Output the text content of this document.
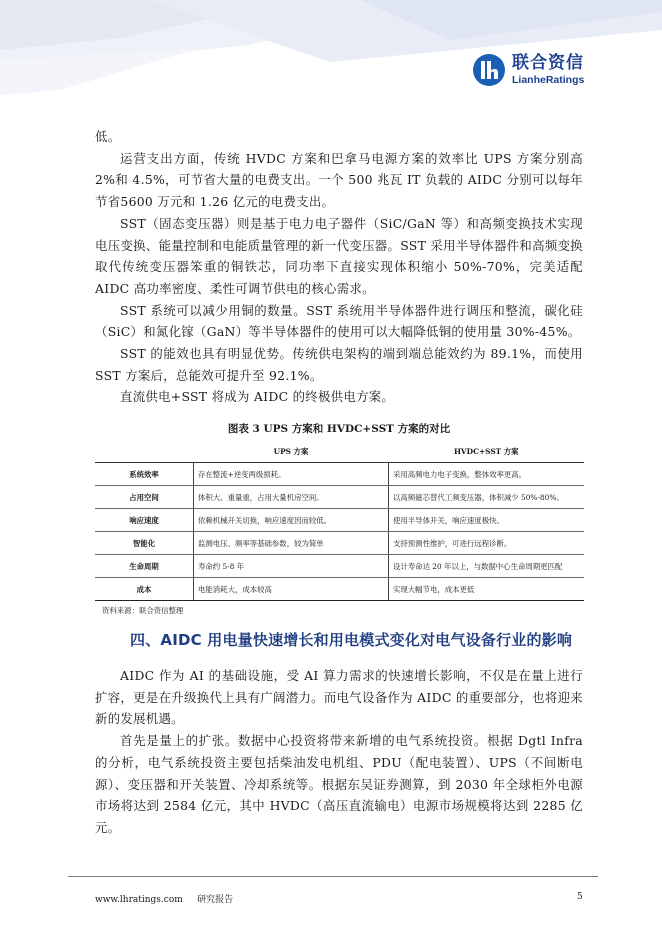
联合资信
LianheRatings

低。

运营支出方面，传统 HVDC 方案和巴拿马电源方案的效率比 UPS 方案分别高 2%和 4.5%，可节省大量的电费支出。一个 500 兆瓦 IT 负载的 AIDC 分别可以每年节省5600 万元和 1.26 亿元的电费支出。

SST（固态变压器）则是基于电力电子器件（SiC/GaN 等）和高频变换技术实现电压变换、能量控制和电能质量管理的新一代变压器。SST 采用半导体器件和高频变换取代传统变压器笨重的铜铁芯，同功率下直接实现体积缩小 50%-70%，完美适配 AIDC 高功率密度、柔性可调节供电的核心需求。

SST 系统可以减少用铜的数量。SST 系统用半导体器件进行调压和整流，碳化硅（SiC）和氮化镓（GaN）等半导体器件的使用可以大幅降低铜的使用量 30%-45%。

SST 的能效也具有明显优势。传统供电架构的端到端总能效约为 89.1%，而使用 SST 方案后，总能效可提升至 92.1%。

直流供电+SST 将成为 AIDC 的终极供电方案。

图表 3 UPS 方案和 HVDC+SST 方案的对比
	UPS 方案	HVDC+SST 方案
系统效率	存在整流+逆变两级损耗。	采用高频电力电子变换，整体效率更高。
占用空间	体积大、重量重，占用大量机房空间。	以高频磁芯替代工频变压器，体积减少 50%-80%。
响应速度	依赖机械开关切换，响应速度因而较低。	使用半导体开关，响应速度极快。
智能化	监测电压、频率等基础参数，较为简单	支持预测性维护，可进行远程诊断。
生命周期	寿命约 5-8 年	设计寿命达 20 年以上，与数据中心生命周期更匹配
成本	电能消耗大，成本较高	实现大幅节电，成本更低
资料来源：联合资信整理
四、AIDC 用电量快速增长和用电模式变化对电气设备行业的影响

AIDC 作为 AI 的基础设施，受 AI 算力需求的快速增长影响，不仅是在量上进行扩容，更是在升级换代上具有广阔潜力。而电气设备作为 AIDC 的重要部分，也将迎来新的发展机遇。

首先是量上的扩张。数据中心投资将带来新增的电气系统投资。根据 Dgtl Infra 的分析，电气系统投资主要包括柴油发电机组、PDU（配电装置）、UPS（不间断电源）、变压器和开关装置、冷却系统等。根据东吴证券测算，到 2030 年全球柜外电源市场将达到 2584 亿元，其中 HVDC（高压直流输电）电源市场规模将达到 2285 亿元。

www.lhratings.com 研究报告	5
